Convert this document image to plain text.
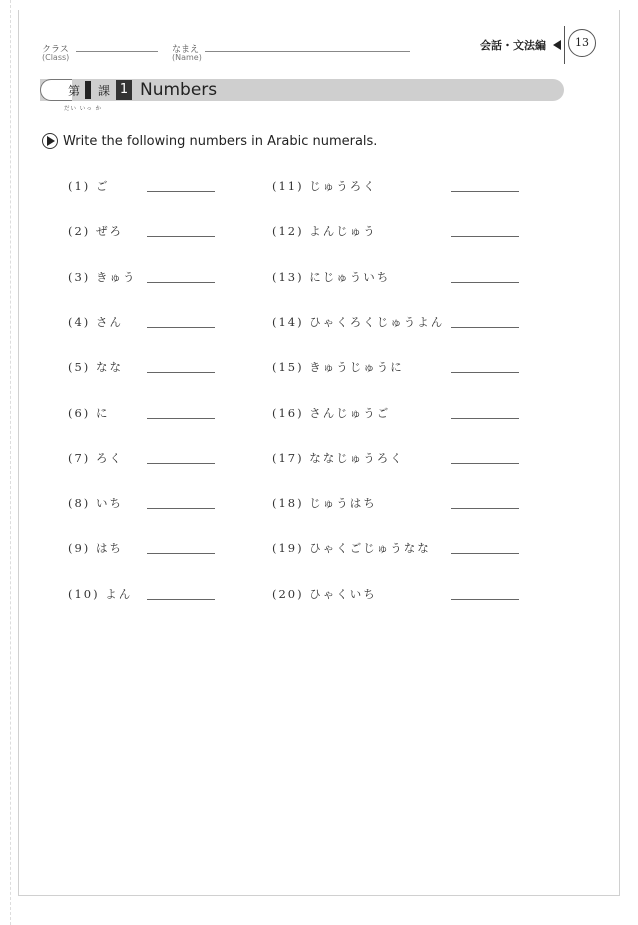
クラス
(Class)
なまえ
(Name)
会話・文法編	13
第 課 1 Numbers
だい いっ か
Write the following numbers in Arabic numerals.
(1) ご
(2) ぜろ
(3) きゅう
(4) さん
(5) なな
(6) に
(7) ろく
(8) いち
(9) はち
(10) よん
(11) じゅうろく
(12) よんじゅう
(13) にじゅういち
(14) ひゃくろくじゅうよん
(15) きゅうじゅうに
(16) さんじゅうご
(17) ななじゅうろく
(18) じゅうはち
(19) ひゃくごじゅうなな
(20) ひゃくいち
